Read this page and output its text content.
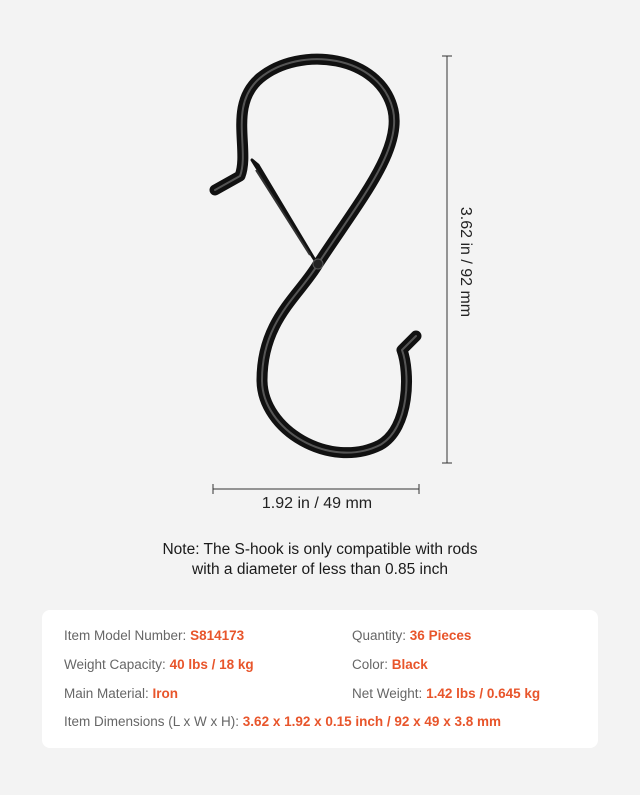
1.92 in / 49 mm
3.62 in / 92 mm
Note: The S-hook is only compatible with rods
with a diameter of less than 0.85 inch
Item Model Number: S814173	Quantity: 36 Pieces
Weight Capacity: 40 lbs / 18 kg	Color: Black
Main Material: Iron	Net Weight: 1.42 lbs / 0.645 kg
Item Dimensions (L x W x H): 3.62 x 1.92 x 0.15 inch / 92 x 49 x 3.8 mm
